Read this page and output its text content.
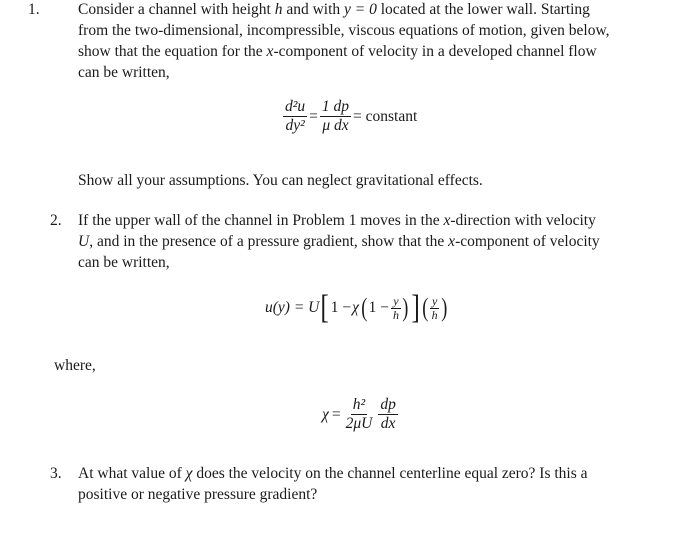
1. Consider a channel with height h and with y = 0 located at the lower wall. Starting
from the two-dimensional, incompressible, viscous equations of motion, given below,
show that the equation for the x-component of velocity in a developed channel flow
can be written,
$\frac{\text{d²u}}{\text{dy²}} = \frac{1 dp}{\text{μ dx}}$ = constant
Show all your assumptions. You can neglect gravitational effects.
2. If the upper wall of the channel in Problem 1 moves in the x-direction with velocity
U, and in the presence of a pressure gradient, show that the x-component of velocity
can be written,
u(y) = U [ 1 − χ ( $1 - \frac{y}{h}$ ) ] ( $\frac{y}{h}$ )
where,
$\chi = \frac{\text{h²}}{2\mu U} \frac{dp}{dx}$
3. At what value of χ does the velocity on the channel centerline equal zero? Is this a
positive or negative pressure gradient?
